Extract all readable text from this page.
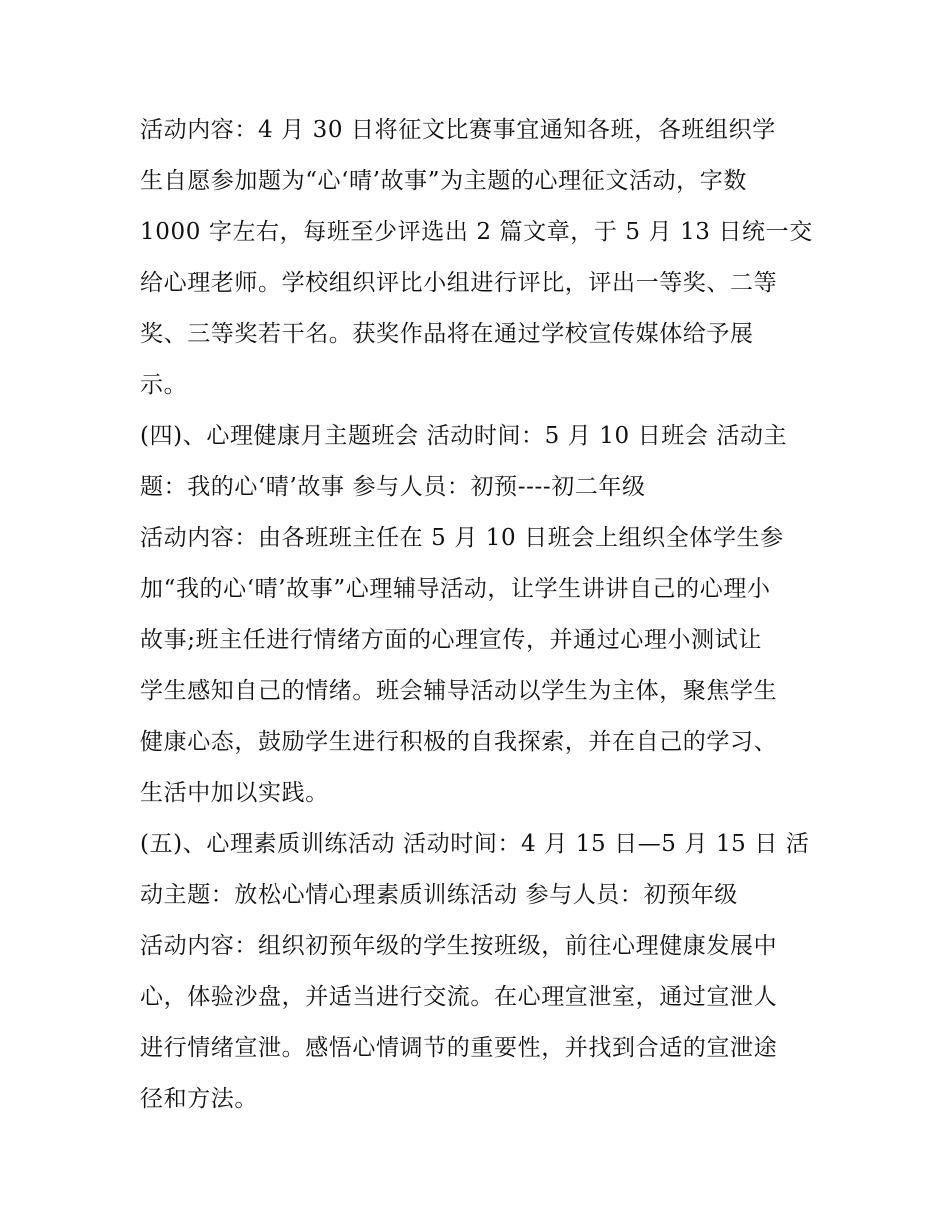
活动内容：4 月 30 日将征文比赛事宜通知各班，各班组织学
生自愿参加题为“心‘晴’故事”为主题的心理征文活动，字数
1000 字左右，每班至少评选出 2 篇文章，于 5 月 13 日统一交
给心理老师。学校组织评比小组进行评比，评出一等奖、二等
奖、三等奖若干名。获奖作品将在通过学校宣传媒体给予展
示。
(四)、心理健康月主题班会 活动时间：5 月 10 日班会 活动主
题：我的心‘晴’故事 参与人员：初预----初二年级
活动内容：由各班班主任在 5 月 10 日班会上组织全体学生参
加“我的心‘晴’故事”心理辅导活动，让学生讲讲自己的心理小
故事;班主任进行情绪方面的心理宣传，并通过心理小测试让
学生感知自己的情绪。班会辅导活动以学生为主体，聚焦学生
健康心态，鼓励学生进行积极的自我探索，并在自己的学习、
生活中加以实践。
(五)、心理素质训练活动 活动时间：4 月 15 日—5 月 15 日 活
动主题：放松心情心理素质训练活动 参与人员：初预年级
活动内容：组织初预年级的学生按班级，前往心理健康发展中
心，体验沙盘，并适当进行交流。在心理宣泄室，通过宣泄人
进行情绪宣泄。感悟心情调节的重要性，并找到合适的宣泄途
径和方法。
